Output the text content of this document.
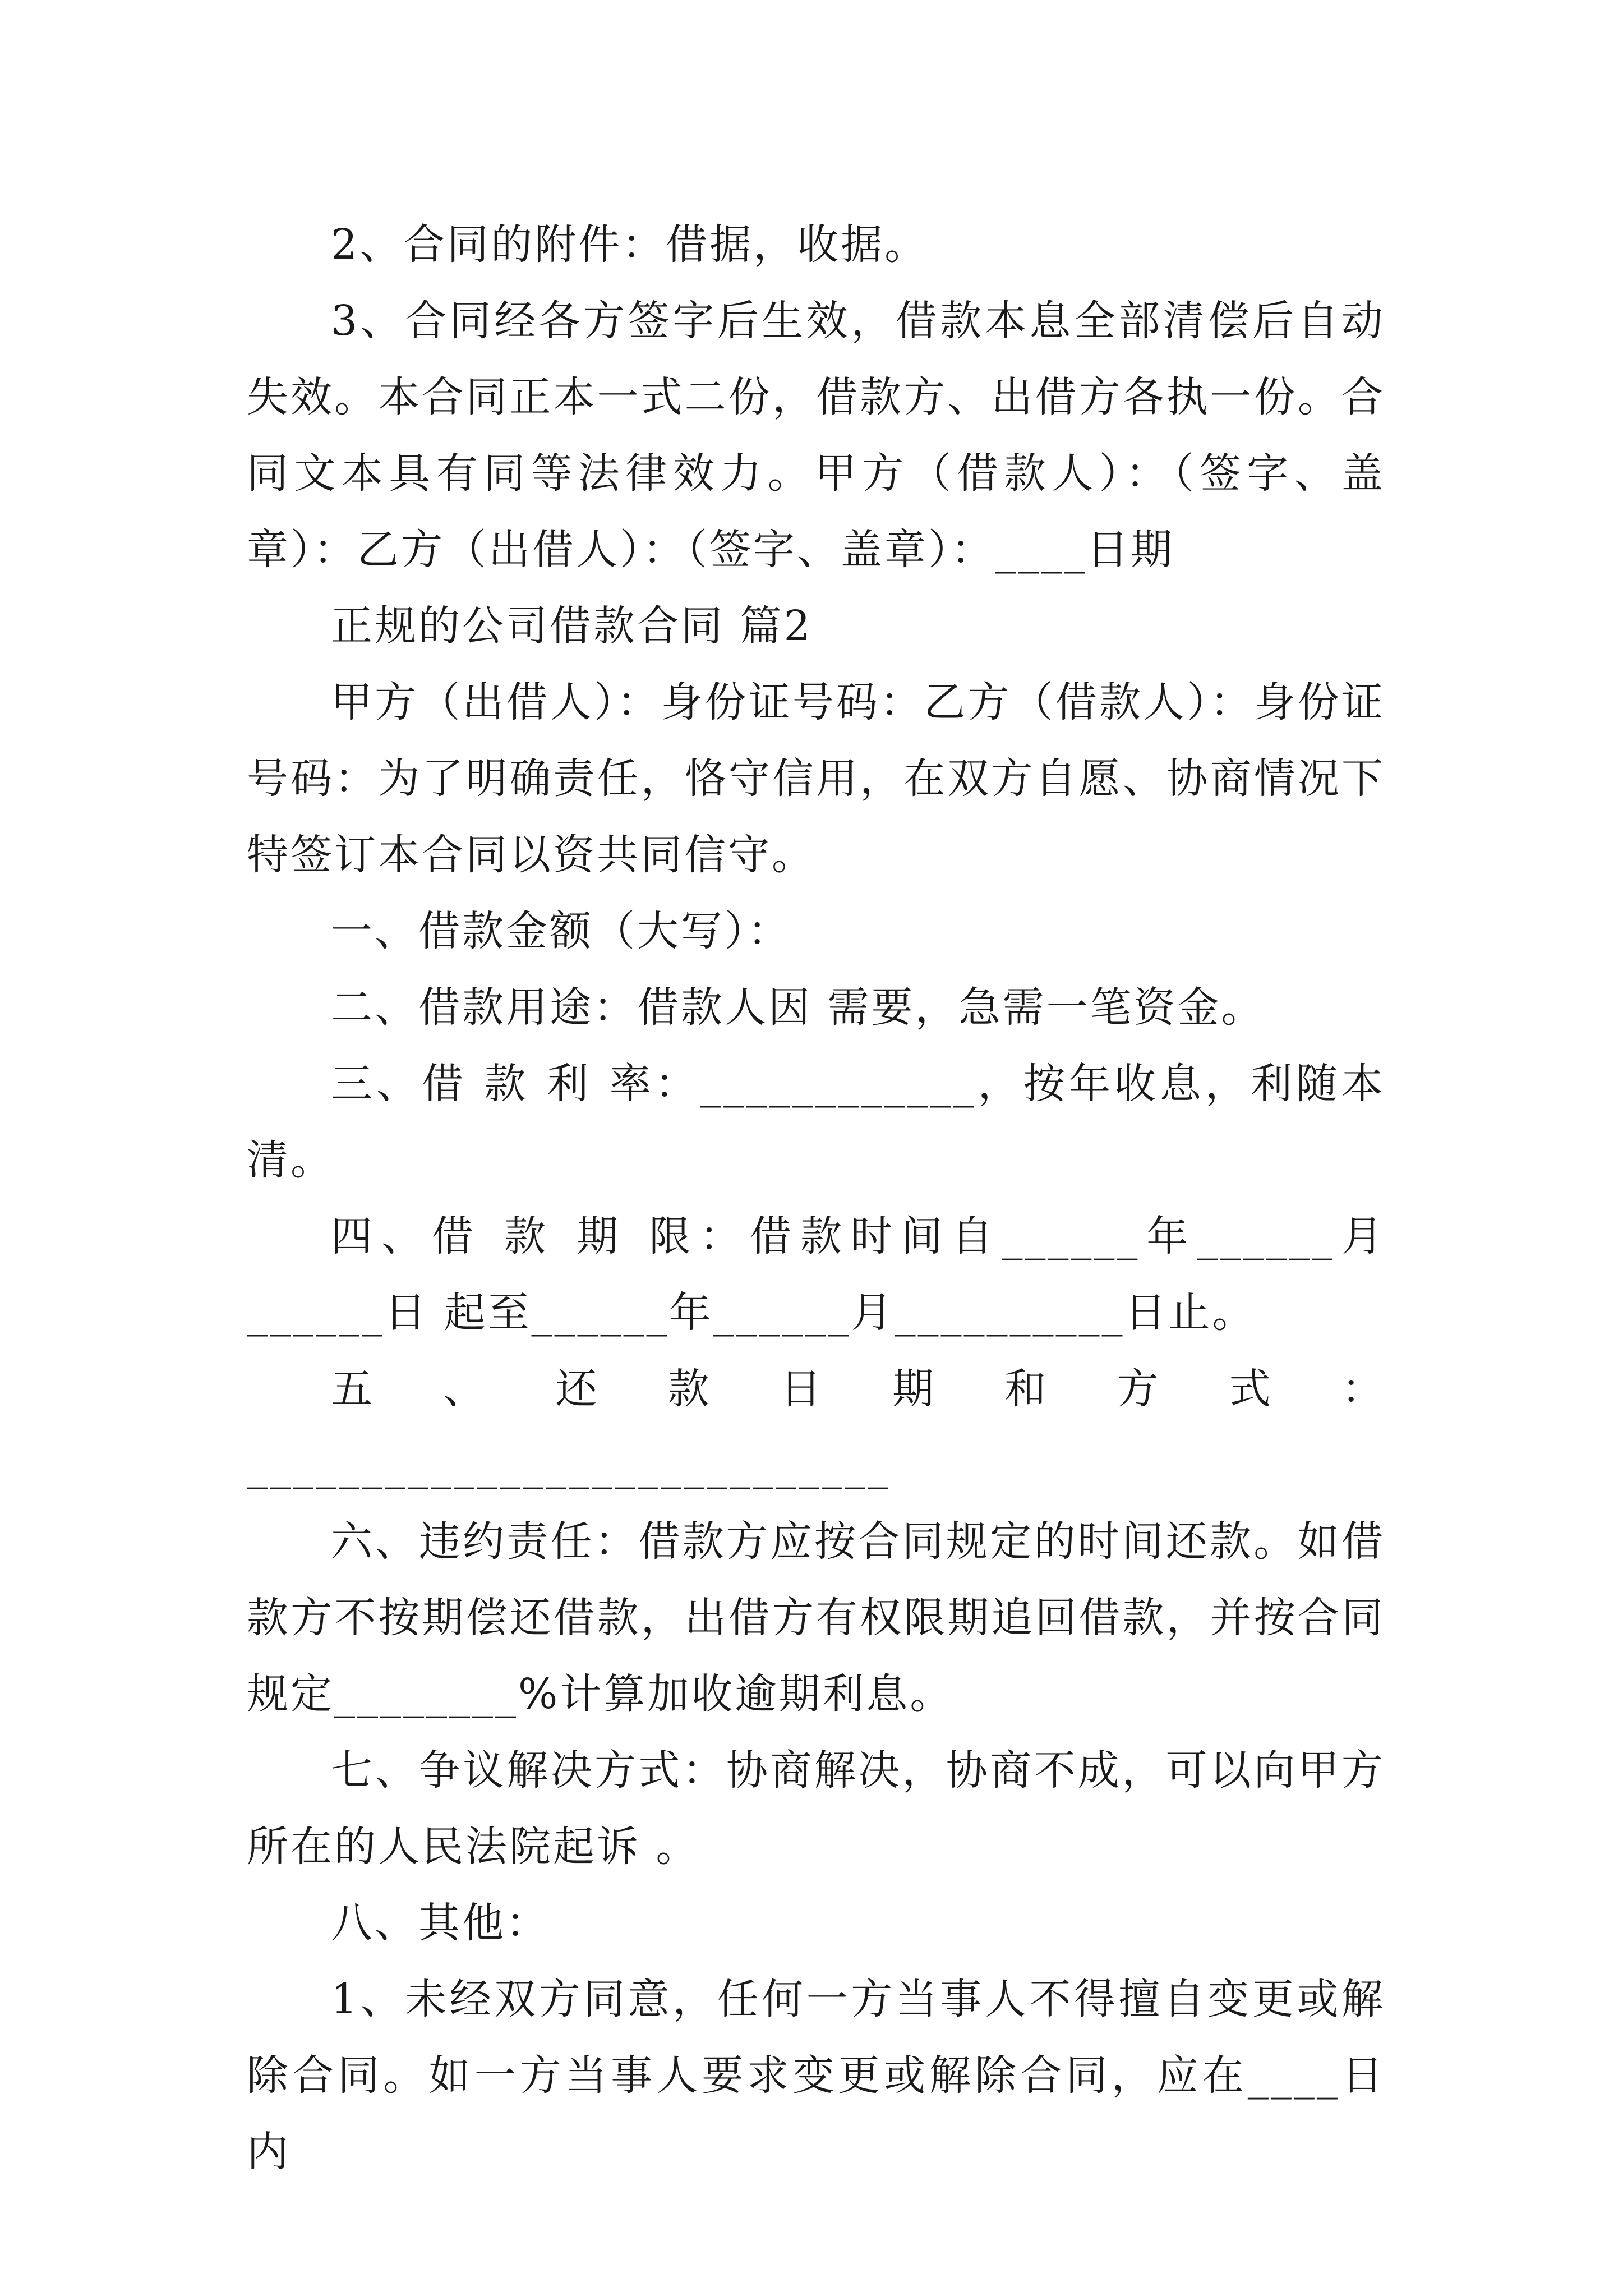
2、合同的附件：借据，收据。

3、合同经各方签字后生效，借款本息全部清偿后自动失效。本合同正本一式二份，借款方、出借方各执一份。合同文本具有同等法律效力。甲方（借款人）：（签字、盖章）：乙方（出借人）：（签字、盖章）：____日期

正规的公司借款合同 篇2

甲方（出借人）：身份证号码：乙方（借款人）：身份证号码：为了明确责任，恪守信用，在双方自愿、协商情况下特签订本合同以资共同信守。

一、借款金额（大写）：

二、借款用途：借款人因 需要，急需一笔资金。

三、借 款 利 率：____________，按年收息，利随本清。

四、借 款 期 限：借款时间自______年______月______日 起至______年______月__________日止。

五、还款日期和方式：____________________________

六、违约责任：借款方应按合同规定的时间还款。如借款方不按期偿还借款，出借方有权限期追回借款，并按合同规定________%计算加收逾期利息。

七、争议解决方式：协商解决，协商不成，可以向甲方所在的人民法院起诉 。

八、其他：

1、未经双方同意，任何一方当事人不得擅自变更或解除合同。如一方当事人要求变更或解除合同，应在____日内
